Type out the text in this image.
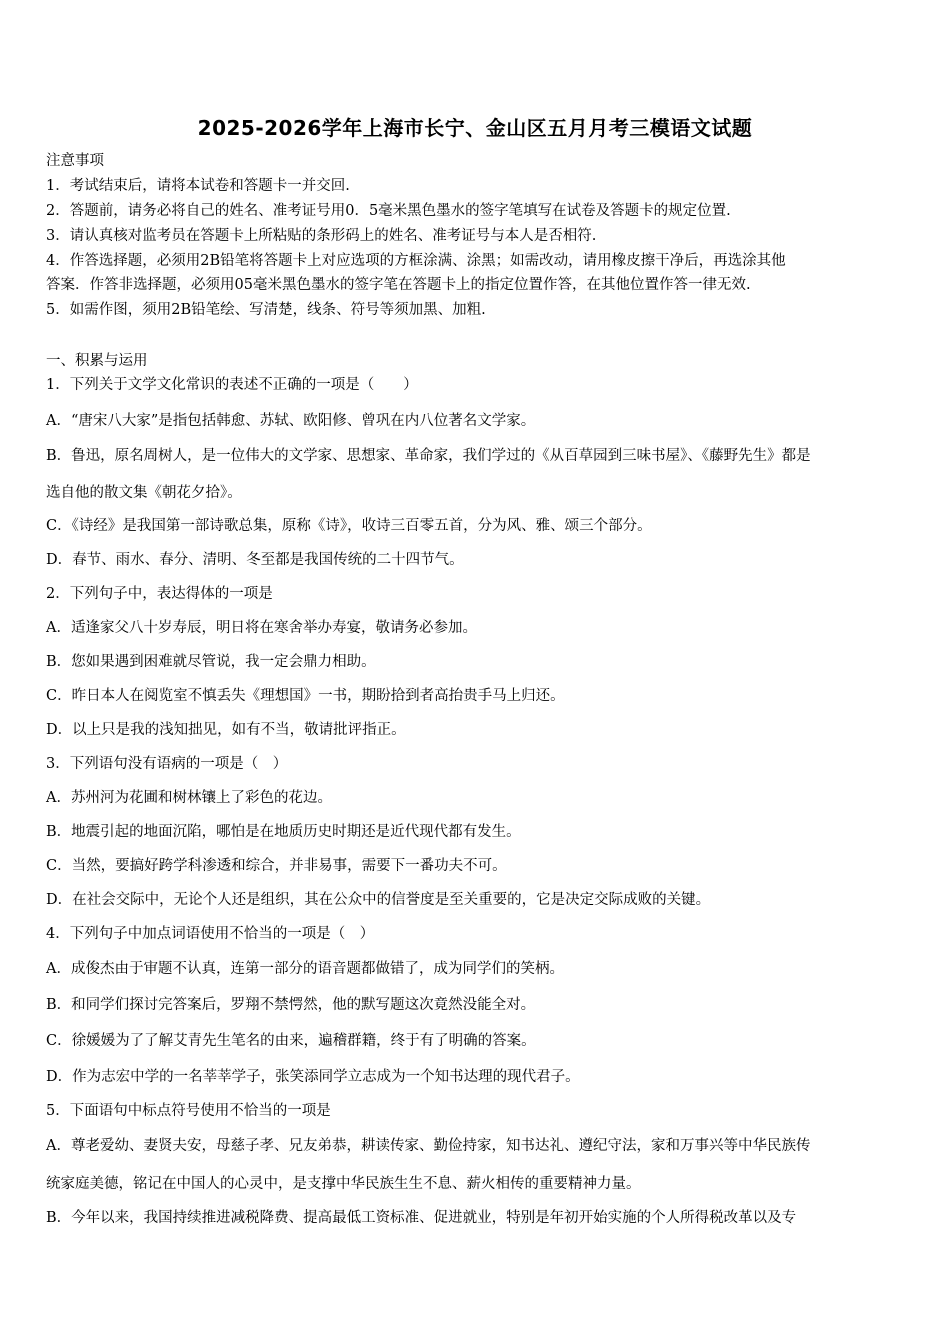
2025-2026学年上海市长宁、金山区五月月考三模语文试题
注意事项
1．考试结束后，请将本试卷和答题卡一并交回.
2．答题前，请务必将自己的姓名、准考证号用0．5毫米黑色墨水的签字笔填写在试卷及答题卡的规定位置.
3．请认真核对监考员在答题卡上所粘贴的条形码上的姓名、准考证号与本人是否相符.
4．作答选择题，必须用2B铅笔将答题卡上对应选项的方框涂满、涂黑；如需改动，请用橡皮擦干净后，再选涂其他
答案．作答非选择题，必须用05毫米黑色墨水的签字笔在答题卡上的指定位置作答，在其他位置作答一律无效.
5．如需作图，须用2B铅笔绘、写清楚，线条、符号等须加黑、加粗.
一、积累与运用
1．下列关于文学文化常识的表述不正确的一项是（　　）
A．“唐宋八大家”是指包括韩愈、苏轼、欧阳修、曾巩在内八位著名文学家。
B．鲁迅，原名周树人，是一位伟大的文学家、思想家、革命家，我们学过的《从百草园到三味书屋》、《藤野先生》都是
选自他的散文集《朝花夕拾》。
C．《诗经》是我国第一部诗歌总集，原称《诗》，收诗三百零五首，分为风、雅、颂三个部分。
D．春节、雨水、春分、清明、冬至都是我国传统的二十四节气。
2．下列句子中，表达得体的一项是
A．适逢家父八十岁寿辰，明日将在寒舍举办寿宴，敬请务必参加。
B．您如果遇到困难就尽管说，我一定会鼎力相助。
C．昨日本人在阅览室不慎丢失《理想国》一书，期盼拾到者高抬贵手马上归还。
D．以上只是我的浅知拙见，如有不当，敬请批评指正。
3．下列语句没有语病的一项是（　）
A．苏州河为花圃和树林镶上了彩色的花边。
B．地震引起的地面沉陷，哪怕是在地质历史时期还是近代现代都有发生。
C．当然，要搞好跨学科渗透和综合，并非易事，需要下一番功夫不可。
D．在社会交际中，无论个人还是组织，其在公众中的信誉度是至关重要的，它是决定交际成败的关键。
4．下列句子中加点词语使用不恰当的一项是（　）
A．成俊杰由于审题不认真，连第一部分的语音题都做错了，成为同学们的笑柄。
B．和同学们探讨完答案后，罗翔不禁愕然，他的默写题这次竟然没能全对。
C．徐媛媛为了了解艾青先生笔名的由来，遍稽群籍，终于有了明确的答案。
D．作为志宏中学的一名莘莘学子，张笑添同学立志成为一个知书达理的现代君子。
5．下面语句中标点符号使用不恰当的一项是
A．尊老爱幼、妻贤夫安，母慈子孝、兄友弟恭，耕读传家、勤俭持家，知书达礼、遵纪守法，家和万事兴等中华民族传
统家庭美德，铭记在中国人的心灵中，是支撑中华民族生生不息、薪火相传的重要精神力量。
B．今年以来，我国持续推进减税降费、提高最低工资标准、促进就业，特别是年初开始实施的个人所得税改革以及专
